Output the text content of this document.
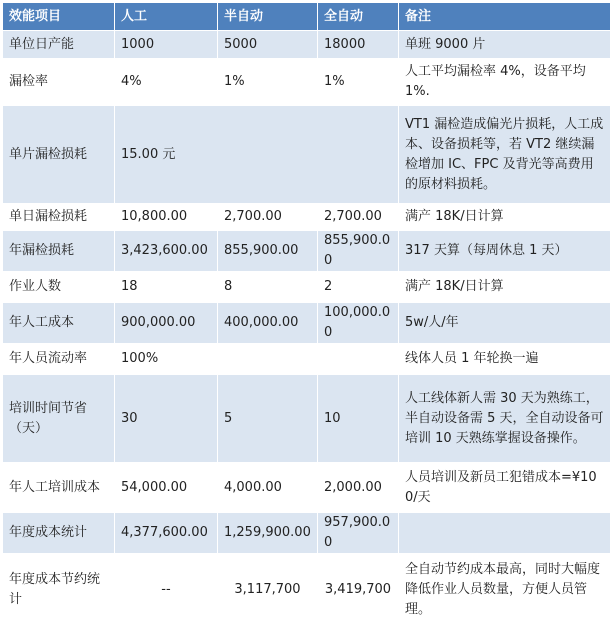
效能项目	人工	半自动	全自动	备注
单位日产能	1000	5000	18000	单班 9000 片
漏检率	4%	1%	1%	人工平均漏检率 4%，设备平均 1%.
单片漏检损耗	15.00 元			VT1 漏检造成偏光片损耗，人工成本、设备损耗等，若 VT2 继续漏检增加 IC、FPC 及背光等高费用的原材料损耗。
单日漏检损耗	10,800.00	2,700.00	2,700.00	满产 18K/日计算
年漏检损耗	3,423,600.00	855,900.00	855,900.00	317 天算（每周休息 1 天）
作业人数	18	8	2	满产 18K/日计算
年人工成本	900,000.00	400,000.00	100,000.00	5w/人/年
年人员流动率	100%			线体人员 1 年轮换一遍
培训时间节省（天）	30	5	10	人工线体新人需 30 天为熟练工，半自动设备需 5 天，全自动设备可培训 10 天熟练掌握设备操作。
年人工培训成本	54,000.00	4,000.00	2,000.00	人员培训及新员工犯错成本=¥100/天
年度成本统计	4,377,600.00	1,259,900.00	957,900.00	
年度成本节约统计	--	3,117,700	3,419,700	全自动节约成本最高，同时大幅度降低作业人员数量，方便人员管理。
